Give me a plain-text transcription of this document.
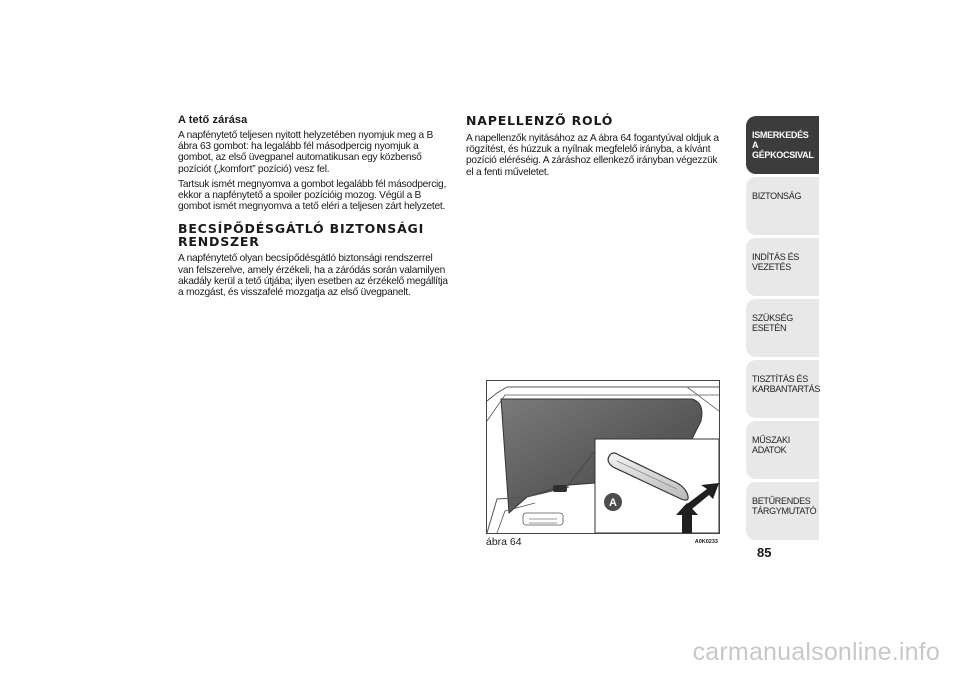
A tető zárása

A napfénytető teljesen nyitott helyzetében nyomjuk meg a B ábra 63 gombot: ha legalább fél másodpercig nyomjuk a gombot, az első üvegpanel automatikusan egy közbenső pozíciót („komfort” pozíció) vesz fel.

Tartsuk ismét megnyomva a gombot legalább fél másodpercig, ekkor a napfénytető a spoiler pozícióig mozog. Végül a B gombot ismét megnyomva a tető eléri a teljesen zárt helyzetet.

BECSÍPŐDÉSGÁTLÓ BIZTONSÁGI RENDSZER

A napfénytető olyan becsípődésgátló biztonsági rendszerrel van felszerelve, amely érzékeli, ha a záródás során valamilyen akadály kerül a tető útjába; ilyen esetben az érzékelő megállítja a mozgást, és visszafelé mozgatja az első üvegpanelt.

NAPELLENZŐ ROLÓ

A napellenzők nyitásához az A ábra 64 fogantyúval oldjuk a rögzítést, és húzzuk a nyílnak megfelelő irányba, a kívánt pozíció eléréséig. A záráshoz ellenkező irányban végezzük el a fenti műveletet.

A
ábra 64	A0K0233
ISMERKEDÉS A GÉPKOCSIVAL
BIZTONSÁG
INDÍTÁS ÉS VEZETÉS
SZÜKSÉG ESETÉN
TISZTÍTÁS ÉS KARBANTARTÁS
MŰSZAKI ADATOK
BETŰRENDES TÁRGYMUTATÓ
85
carmanualsonline.info
